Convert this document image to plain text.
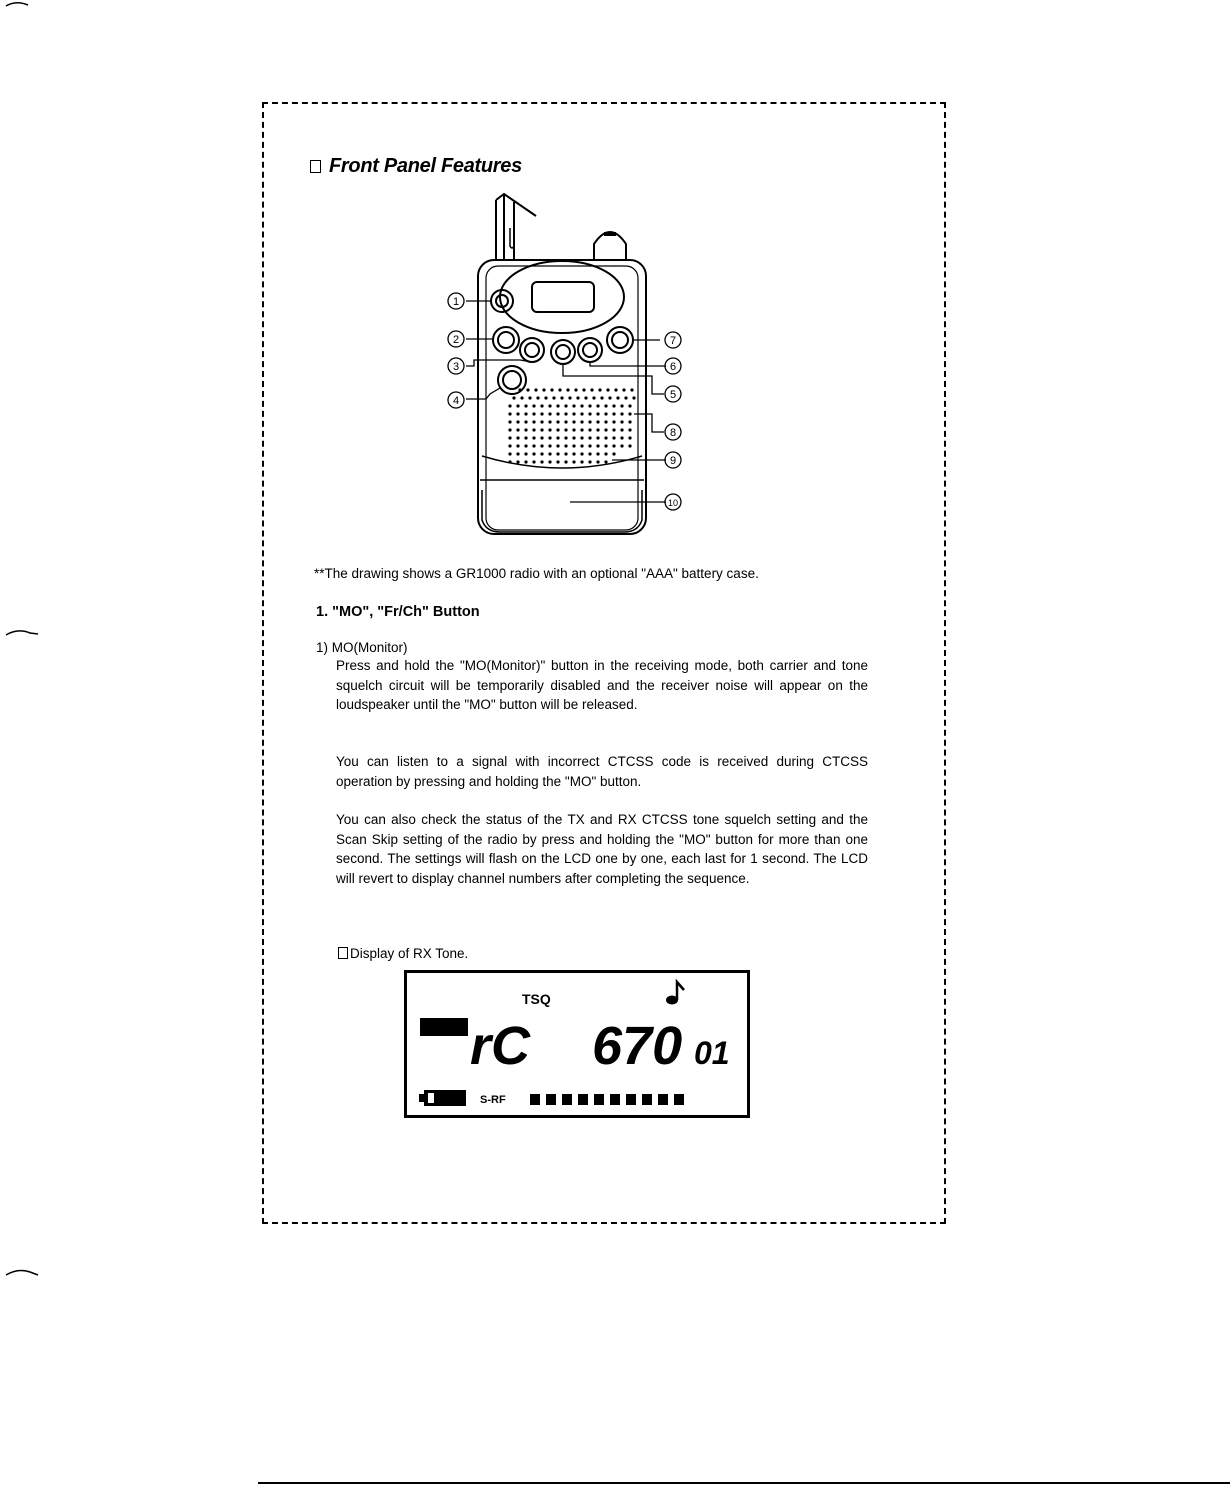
Front Panel Features
1
2
3
4	5
6
7
8
9
10
**The drawing shows a GR1000 radio with an optional "AAA" battery case.
1. "MO", "Fr/Ch" Button
1) MO(Monitor)

Press and hold the "MO(Monitor)" button in the receiving mode, both carrier and tone squelch circuit will be temporarily disabled and the receiver noise will appear on the loudspeaker until the "MO" button will be released.

You can listen to a signal with incorrect CTCSS code is received during CTCSS operation by pressing and holding the "MO" button.

You can also check the status of the TX and RX CTCSS tone squelch setting and the Scan Skip setting of the radio by press and holding the "MO" button for more than one second. The settings will flash on the LCD one by one, each last for 1 second. The LCD will revert to display channel numbers after completing the sequence.

Display of RX Tone.
TSQ
rC 670 01
S-RF
